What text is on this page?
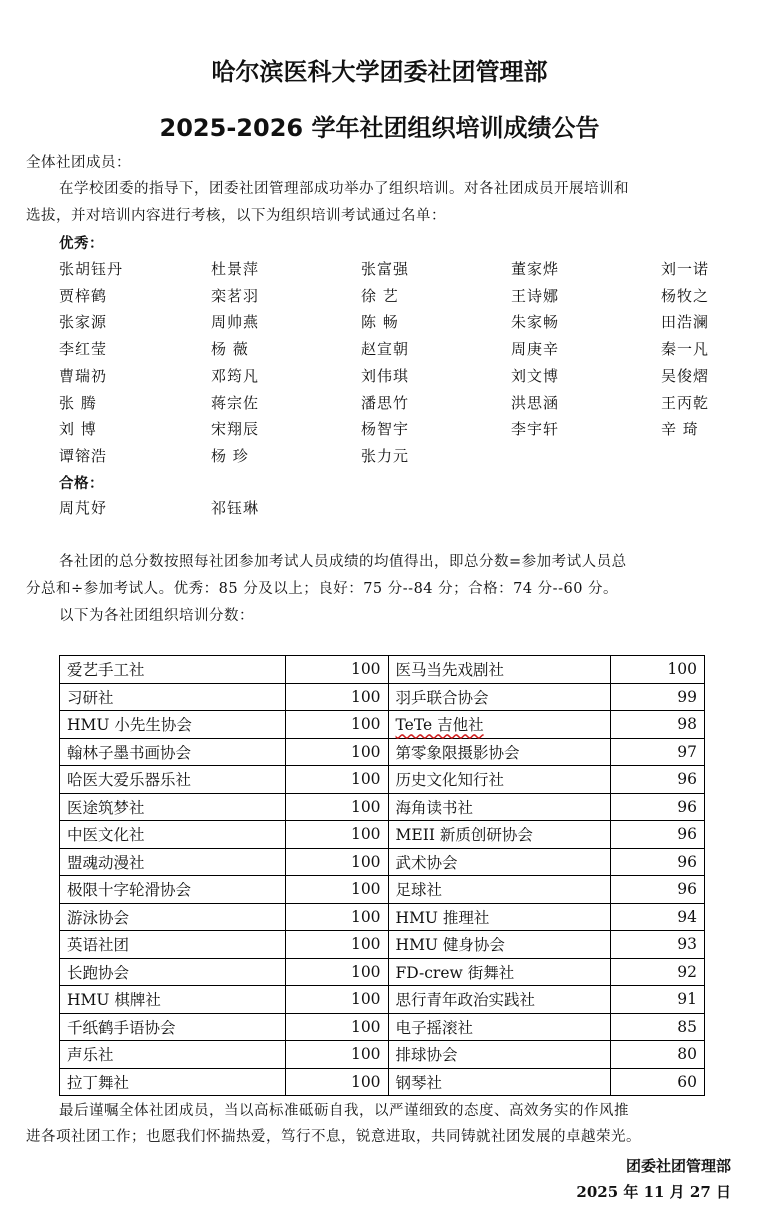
哈尔滨医科大学团委社团管理部
2025-2026 学年社团组织培训成绩公告
全体社团成员：
在学校团委的指导下，团委社团管理部成功举办了组织培训。对各社团成员开展培训和
选拔，并对培训内容进行考核，以下为组织培训考试通过名单：
优秀：
张胡钰丹	杜景萍	张富强	董家烨	刘一诺
贾梓鹤	栾茗羽	徐 艺	王诗娜	杨牧之
张家源	周帅燕	陈 畅	朱家畅	田浩澜
李红莹	杨 薇	赵宣朝	周庚辛	秦一凡
曹瑞礽	邓筠凡	刘伟琪	刘文博	吴俊熠
张 腾	蒋宗佐	潘思竹	洪思涵	王丙乾
刘 博	宋翔辰	杨智宇	李宇轩	辛 琦
谭镕浩	杨 珍	张力元
合格：
周芃妤	祁钰琳
各社团的总分数按照每社团参加考试人员成绩的均值得出，即总分数=参加考试人员总
分总和÷参加考试人。优秀：85 分及以上；良好：75 分--84 分；合格：74 分--60 分。
以下为各社团组织培训分数：
爱艺手工社	100	医马当先戏剧社	100
习研社	100	羽乒联合协会	99
HMU 小先生协会	100	TeTe 吉他社	98
翰林子墨书画协会	100	第零象限摄影协会	97
哈医大爱乐器乐社	100	历史文化知行社	96
医途筑梦社	100	海角读书社	96
中医文化社	100	MEII 新质创研协会	96
盟魂动漫社	100	武术协会	96
极限十字轮滑协会	100	足球社	96
游泳协会	100	HMU 推理社	94
英语社团	100	HMU 健身协会	93
长跑协会	100	FD-crew 街舞社	92
HMU 棋牌社	100	思行青年政治实践社	91
千纸鹤手语协会	100	电子摇滚社	85
声乐社	100	排球协会	80
拉丁舞社	100	钢琴社	60
最后谨嘱全体社团成员，当以高标准砥砺自我，以严谨细致的态度、高效务实的作风推
进各项社团工作；也愿我们怀揣热爱，笃行不息，锐意进取，共同铸就社团发展的卓越荣光。
团委社团管理部
2025 年 11 月 27 日
